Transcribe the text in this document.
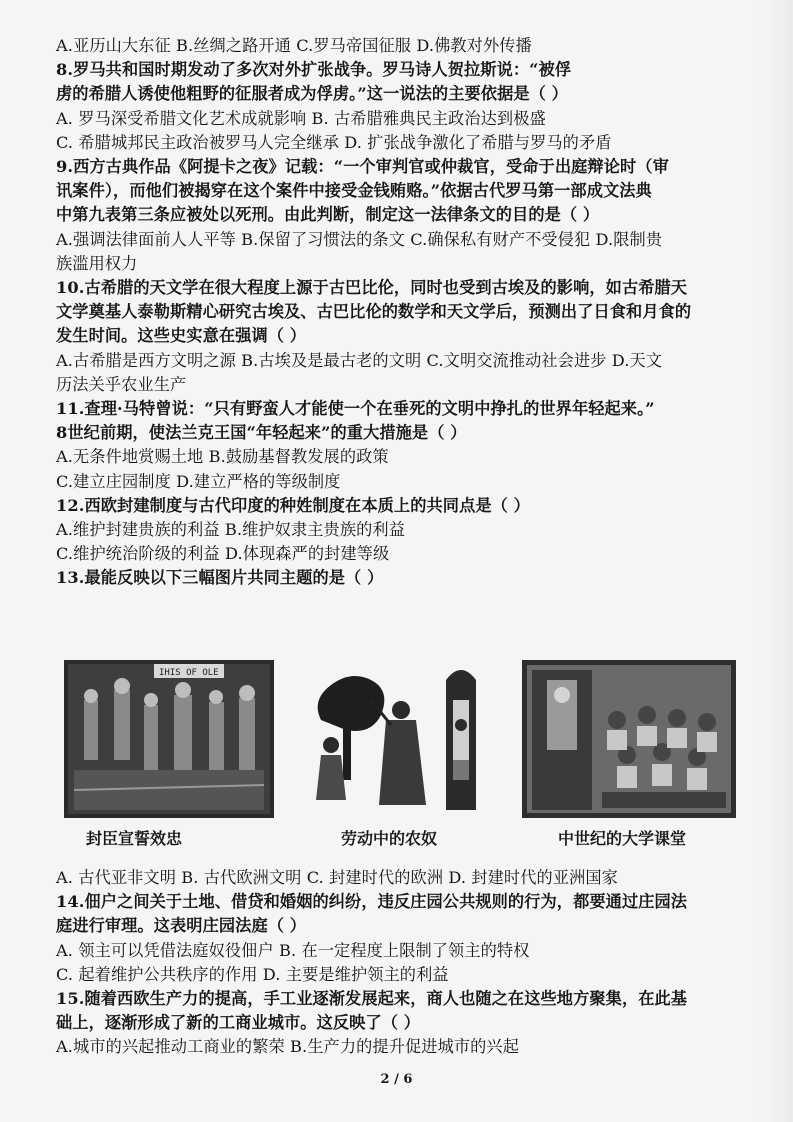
A.亚历山大东征 B.丝绸之路开通 C.罗马帝国征服 D.佛教对外传播
8.罗马共和国时期发动了多次对外扩张战争。罗马诗人贺拉斯说：“被俘
虏的希腊人诱使他粗野的征服者成为俘虏。”这一说法的主要依据是（ ）
A. 罗马深受希腊文化艺术成就影响 B. 古希腊雅典民主政治达到极盛
C. 希腊城邦民主政治被罗马人完全继承 D. 扩张战争激化了希腊与罗马的矛盾
9.西方古典作品《阿提卡之夜》记载：“一个审判官或仲裁官，受命于出庭辩论时（审
讯案件），而他们被揭穿在这个案件中接受金钱贿赂。”依据古代罗马第一部成文法典
中第九表第三条应被处以死刑。由此判断，制定这一法律条文的目的是（ ）
A.强调法律面前人人平等 B.保留了习惯法的条文 C.确保私有财产不受侵犯 D.限制贵
族滥用权力
10.古希腊的天文学在很大程度上源于古巴比伦，同时也受到古埃及的影响，如古希腊天
文学奠基人泰勒斯精心研究古埃及、古巴比伦的数学和天文学后，预测出了日食和月食的
发生时间。这些史实意在强调（ ）
A.古希腊是西方文明之源 B.古埃及是最古老的文明 C.文明交流推动社会进步 D.天文
历法关乎农业生产
11.查理·马特曾说：“只有野蛮人才能使一个在垂死的文明中挣扎的世界年轻起来。”
8世纪前期，使法兰克王国“年轻起来”的重大措施是（ ）
A.无条件地赏赐土地 B.鼓励基督教发展的政策
C.建立庄园制度 D.建立严格的等级制度
12.西欧封建制度与古代印度的种姓制度在本质上的共同点是（ ）
A.维护封建贵族的利益 B.维护奴隶主贵族的利益
C.维护统治阶级的利益 D.体现森严的封建等级
13.最能反映以下三幅图片共同主题的是（ ）
IHIS OF OLE
封臣宣誓效忠	劳动中的农奴	中世纪的大学课堂
A. 古代亚非文明 B. 古代欧洲文明 C. 封建时代的欧洲 D. 封建时代的亚洲国家
14.佃户之间关于土地、借贷和婚姻的纠纷，违反庄园公共规则的行为，都要通过庄园法
庭进行审理。这表明庄园法庭（ ）
A. 领主可以凭借法庭奴役佃户 B. 在一定程度上限制了领主的特权
C. 起着维护公共秩序的作用 D. 主要是维护领主的利益
15.随着西欧生产力的提高，手工业逐渐发展起来，商人也随之在这些地方聚集，在此基
础上，逐渐形成了新的工商业城市。这反映了（ ）
A.城市的兴起推动工商业的繁荣 B.生产力的提升促进城市的兴起
2 / 6
